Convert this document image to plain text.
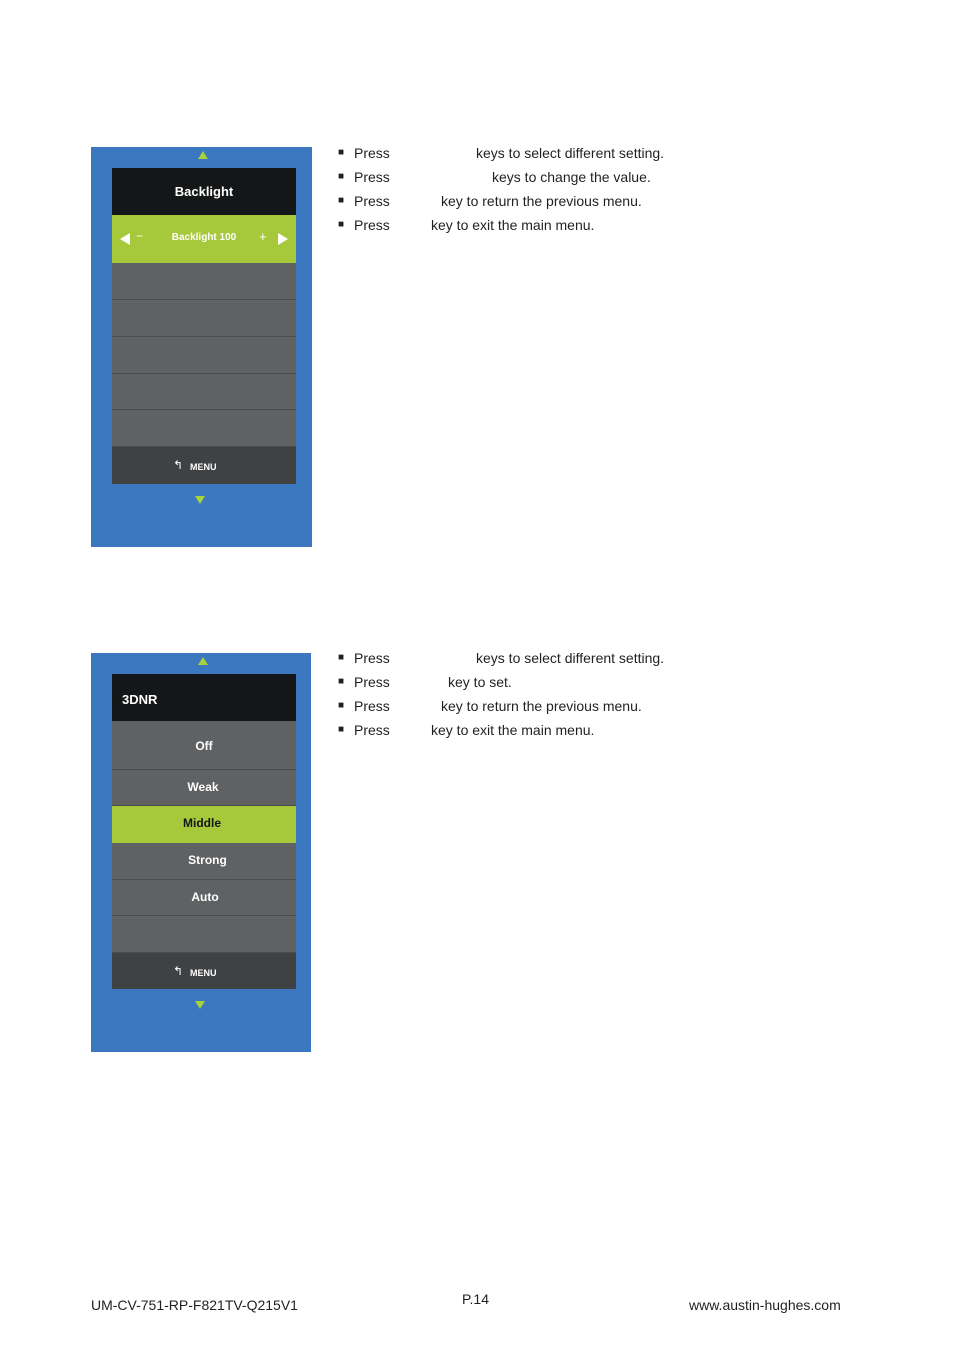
Backlight
−	Backlight 100	+
↰ MENU
■ Press	keys to select different setting.
■ Press	keys to change the value.
■ Press	key to return the previous menu.
■ Press	key to exit the main menu.
3DNR
Off
Weak
Middle
Strong
Auto
↰ MENU
■ Press	keys to select different setting.
■ Press	key to set.
■ Press	key to return the previous menu.
■ Press	key to exit the main menu.
UM-CV-751-RP-F821TV-Q215V1	P.14	www.austin-hughes.com
